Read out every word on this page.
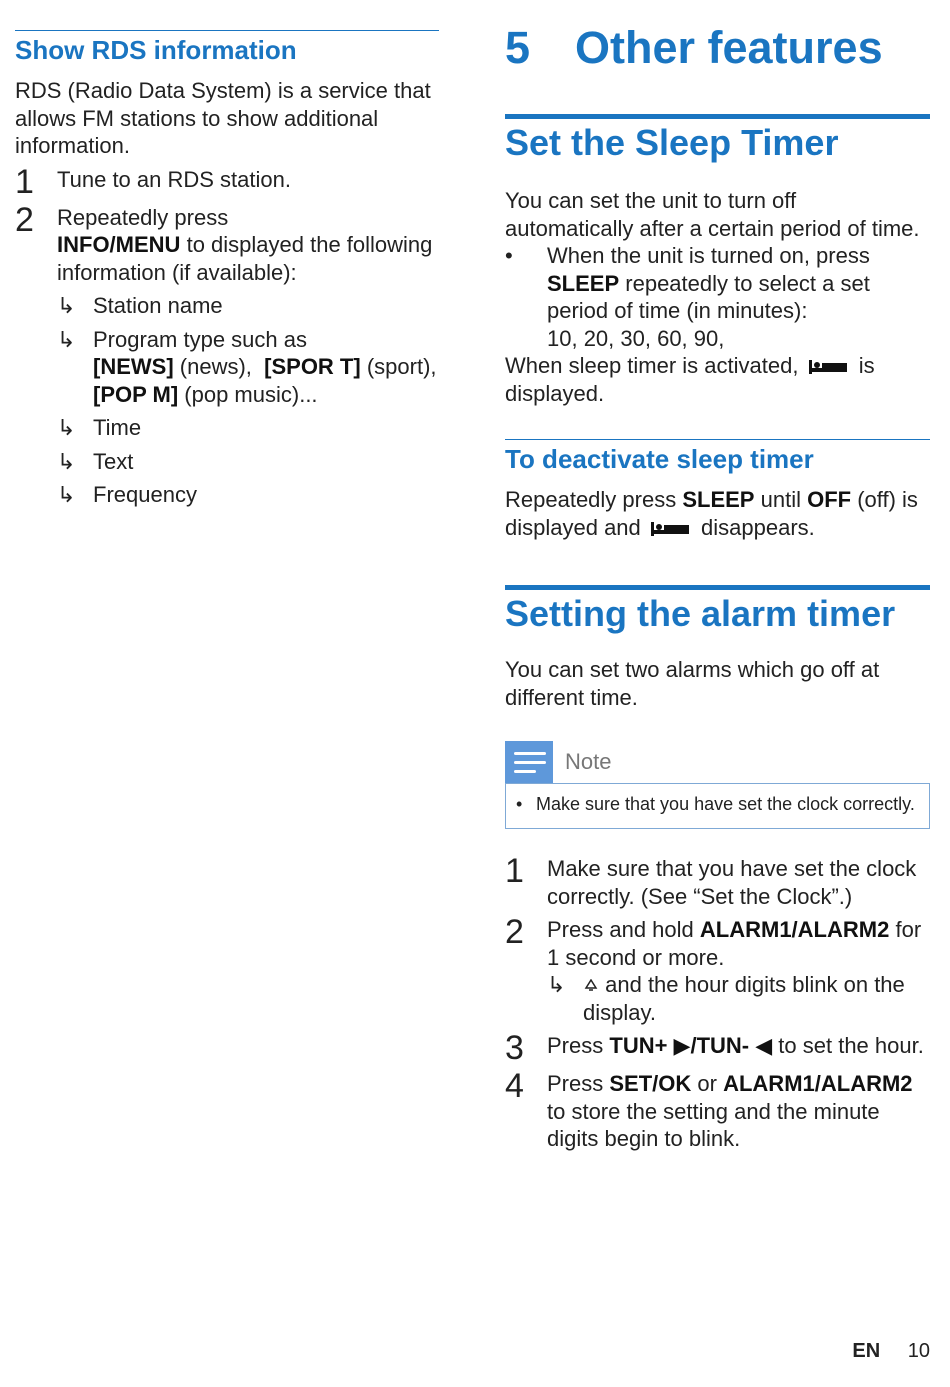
Show RDS information
RDS (Radio Data System) is a service that allows FM stations to show additional information.
1	Tune to an RDS station.
2	Repeatedly press
INFO/MENU to displayed the following information (if available):
↳ Station name
↳ Program type such as
[NEWS] (news), [SPOR T] (sport),
[POP M] (pop music)...
↳ Time
↳ Text
↳ Frequency
5 Other features
Set the Sleep Timer
You can set the unit to turn off automatically after a certain period of time.
•	When the unit is turned on, press
SLEEP repeatedly to select a set period of time (in minutes):
10, 20, 30, 60, 90,
When sleep timer is activated,	is displayed.
To deactivate sleep timer
Repeatedly press SLEEP until OFF (off) is displayed and	disappears.
Setting the alarm timer
You can set two alarms which go off at different time.
Note
• Make sure that you have set the clock correctly.
1	Make sure that you have set the clock correctly. (See “Set the Clock”.)
2	Press and hold ALARM1/ALARM2 for 1 second or more.
↳	and the hour digits blink on the display.
3	Press TUN+ ▶/TUN- ◀ to set the hour.
4	Press SET/OK or ALARM1/ALARM2 to store the setting and the minute digits begin to blink.
EN 10
